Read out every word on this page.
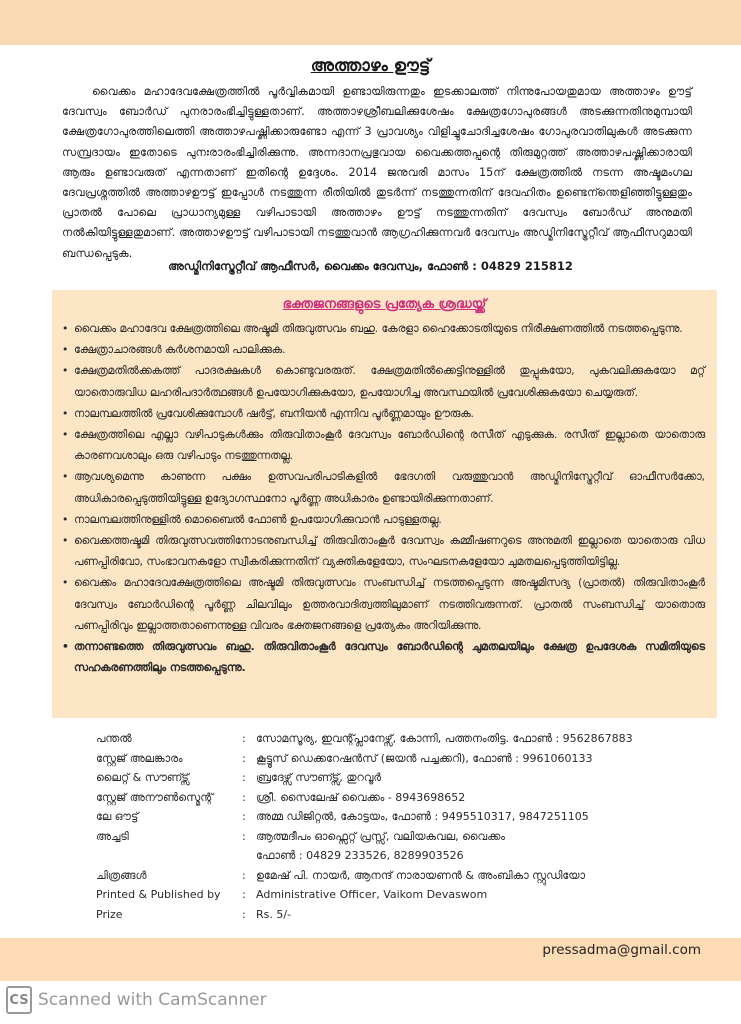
അത്താഴം ഊട്ട്
വൈക്കം മഹാദേവക്ഷേത്രത്തിൽ പൂർവ്വികമായി ഉണ്ടായിരുന്നതും ഇടക്കാലത്ത് നിന്നുപോയതുമായ അത്താഴം ഊട്ട് ദേവസ്വം ബോർഡ് പുനരാരംഭിച്ചിട്ടുള്ളതാണ്. അത്താഴശ്രീബലിക്കുശേഷം ക്ഷേത്രഗോപുരങ്ങൾ അടക്കുന്നതിനുമുമ്പായി ക്ഷേത്രഗോപുരത്തിലെത്തി അത്താഴപഷ്ണിക്കാരുണ്ടോ എന്ന് 3 പ്രാവശ്യം വിളിച്ചുചോദിച്ചശേഷം ഗോപുരവാതിലുകൾ അടക്കുന്ന സമ്പ്രദായം ഇതോടെ പുനഃരാരംഭിച്ചിരിക്കുന്നു. അന്നദാനപ്രഭുവായ വൈക്കത്തപ്പന്റെ തിരുമുറ്റത്ത് അത്താഴപഷ്ണിക്കാരായി ആരും ഉണ്ടാവരുത് എന്നതാണ് ഇതിന്റെ ഉദ്ദേശം. 2014 ജനുവരി മാസം 15ന് ക്ഷേത്രത്തിൽ നടന്ന അഷ്ടമംഗല ദേവപ്രശ്നത്തിൽ അത്താഴഊട്ട് ഇപ്പോൾ നടത്തുന്ന രീതിയിൽ തുടർന്ന് നടത്തുന്നതിന് ദേവഹിതം ഉണ്ടെന്ന്തെളിഞ്ഞിട്ടുള്ളതും പ്രാതൽ പോലെ പ്രാധാന്യമുള്ള വഴിപാടായി അത്താഴം ഊട്ട് നടത്തുന്നതിന് ദേവസ്വം ബോർഡ് അനുമതി നൽകിയിട്ടുള്ളതുമാണ്. അത്താഴഊട്ട് വഴിപാടായി നടത്തുവാൻ ആഗ്രഹിക്കുന്നവർ ദേവസ്വം അഡ്മിനിസ്ട്രേറ്റീവ് ആഫീസറുമായി ബന്ധപ്പെടുക.
അഡ്മിനിസ്ട്രേറ്റീവ് ആഫീസർ, വൈക്കം ദേവസ്വം, ഫോൺ : 04829 215812
ഭക്തജനങ്ങളുടെ പ്രത്യേക ശ്രദ്ധയ്ക്ക്
• വൈക്കം മഹാദേവ ക്ഷേത്രത്തിലെ അഷ്ടമി തിരുവുത്സവം ബഹു. കേരളാ ഹൈക്കോടതിയുടെ നിരീക്ഷണത്തിൽ നടത്തപ്പെടുന്നു.
• ക്ഷേത്രാചാരങ്ങൾ കർശനമായി പാലിക്കുക.
• ക്ഷേത്രമതിൽക്കകത്ത് പാദരക്ഷകൾ കൊണ്ടുവരരുത്. ക്ഷേത്രമതിൽക്കെട്ടിനുള്ളിൽ തുപ്പുകയോ, പുകവലിക്കുകയോ മറ്റ് യാതൊരുവിധ ലഹരിപദാർത്ഥങ്ങൾ ഉപയോഗിക്കുകയോ, ഉപയോഗിച്ച അവസ്ഥയിൽ പ്രവേശിക്കുകയോ ചെയ്യരുത്.
• നാലമ്പലത്തിൽ പ്രവേശിക്കുമ്പോൾ ഷർട്ട്, ബനിയൻ എന്നിവ പൂർണ്ണമായും ഊരുക.
• ക്ഷേത്രത്തിലെ എല്ലാ വഴിപാടുകൾക്കും തിരുവിതാംകൂർ ദേവസ്വം ബോർഡിന്റെ രസീത് എടുക്കുക. രസീത് ഇല്ലാതെ യാതൊരു കാരണവശാലും ഒരു വഴിപാടും നടത്തുന്നതല്ല.
• ആവശ്യമെന്നു കാണുന്ന പക്ഷം ഉത്സവപരിപാടികളിൽ ഭേദഗതി വരുത്തുവാൻ അഡ്മിനിസ്ട്രേറ്റീവ് ഓഫീസർക്കോ, അധികാരപ്പെടുത്തിയിട്ടുള്ള ഉദ്യോഗസ്ഥനോ പൂർണ്ണ അധികാരം ഉണ്ടായിരിക്കുന്നതാണ്.
• നാലമ്പലത്തിനുള്ളിൽ മൊബൈൽ ഫോൺ ഉപയോഗിക്കുവാൻ പാടുള്ളതല്ല.
• വൈക്കത്തഷ്ടമി തിരുവുത്സവത്തിനോടനുബന്ധിച്ച് തിരുവിതാംകൂർ ദേവസ്വം കമ്മീഷണറുടെ അനുമതി ഇല്ലാതെ യാതൊരു വിധ പണപ്പിരിവോ, സംഭാവനകളോ സ്വീകരിക്കുന്നതിന് വ്യക്തികളേയോ, സംഘടനകളേയോ ചുമതലപ്പെടുത്തിയിട്ടില്ല.
• വൈക്കം മഹാദേവക്ഷേത്രത്തിലെ അഷ്ടമി തിരുവുത്സവം സംബന്ധിച്ച് നടത്തപ്പെടുന്ന അഷ്ടമിസദ്യ (പ്രാതൽ) തിരുവിതാംകൂർ ദേവസ്വം ബോർഡിന്റെ പൂർണ്ണ ചിലവിലും ഉത്തരവാദിത്വത്തിലുമാണ് നടത്തിവരുന്നത്. പ്രാതൽ സംബന്ധിച്ച് യാതൊരു പണപ്പിരിവും ഇല്ലാത്തതാണെന്നുള്ള വിവരം ഭക്തജനങ്ങളെ പ്രത്യേകം അറിയിക്കുന്നു.
• തന്നാണ്ടത്തെ തിരുവുത്സവം ബഹു. തിരുവിതാംകൂർ ദേവസ്വം ബോർഡിന്റെ ചുമതലയിലും ക്ഷേത്ര ഉപദേശക സമിതിയുടെ സഹകരണത്തിലും നടത്തപ്പെടുന്നു.
പന്തൽ	: സോമസൂര്യ, ഇവന്റ്പ്ലാനേഴ്സ്, കോന്നി, പത്തനംതിട്ട. ഫോൺ : 9562867883
സ്റ്റേജ് അലങ്കാരം	: കൂട്ടൂസ് ഡെക്കറേഷൻസ് (ജയൻ പച്ചക്കറി), ഫോൺ : 9961060133
ലൈറ്റ് & സൗണ്ട്സ്	: ബ്രദേഴ്സ് സൗണ്ട്സ്, തുറവൂർ
സ്റ്റേജ് അനൗൺസ്മെന്റ്	: ശ്രീ. സൈലേഷ് വൈക്കം - 8943698652
ലേ ഔട്ട്	: അമ്മ ഡിജിറ്റൽ, കോട്ടയം, ഫോൺ : 9495510317, 9847251105
അച്ചടി	: ആത്മദീപം ഓഫ്സെറ്റ് പ്രസ്സ്, വലിയകവല, വൈക്കം
ഫോൺ : 04829 233526, 8289903526
ചിത്രങ്ങൾ	: ഉമേഷ് പി. നായർ, ആനന്ദ് നാരായണൻ & അംബികാ സ്റ്റുഡിയോ
Printed & Published by	: Administrative Officer, Vaikom Devaswom
Prize	: Rs. 5/-
pressadma@gmail.com
CS Scanned with CamScanner
